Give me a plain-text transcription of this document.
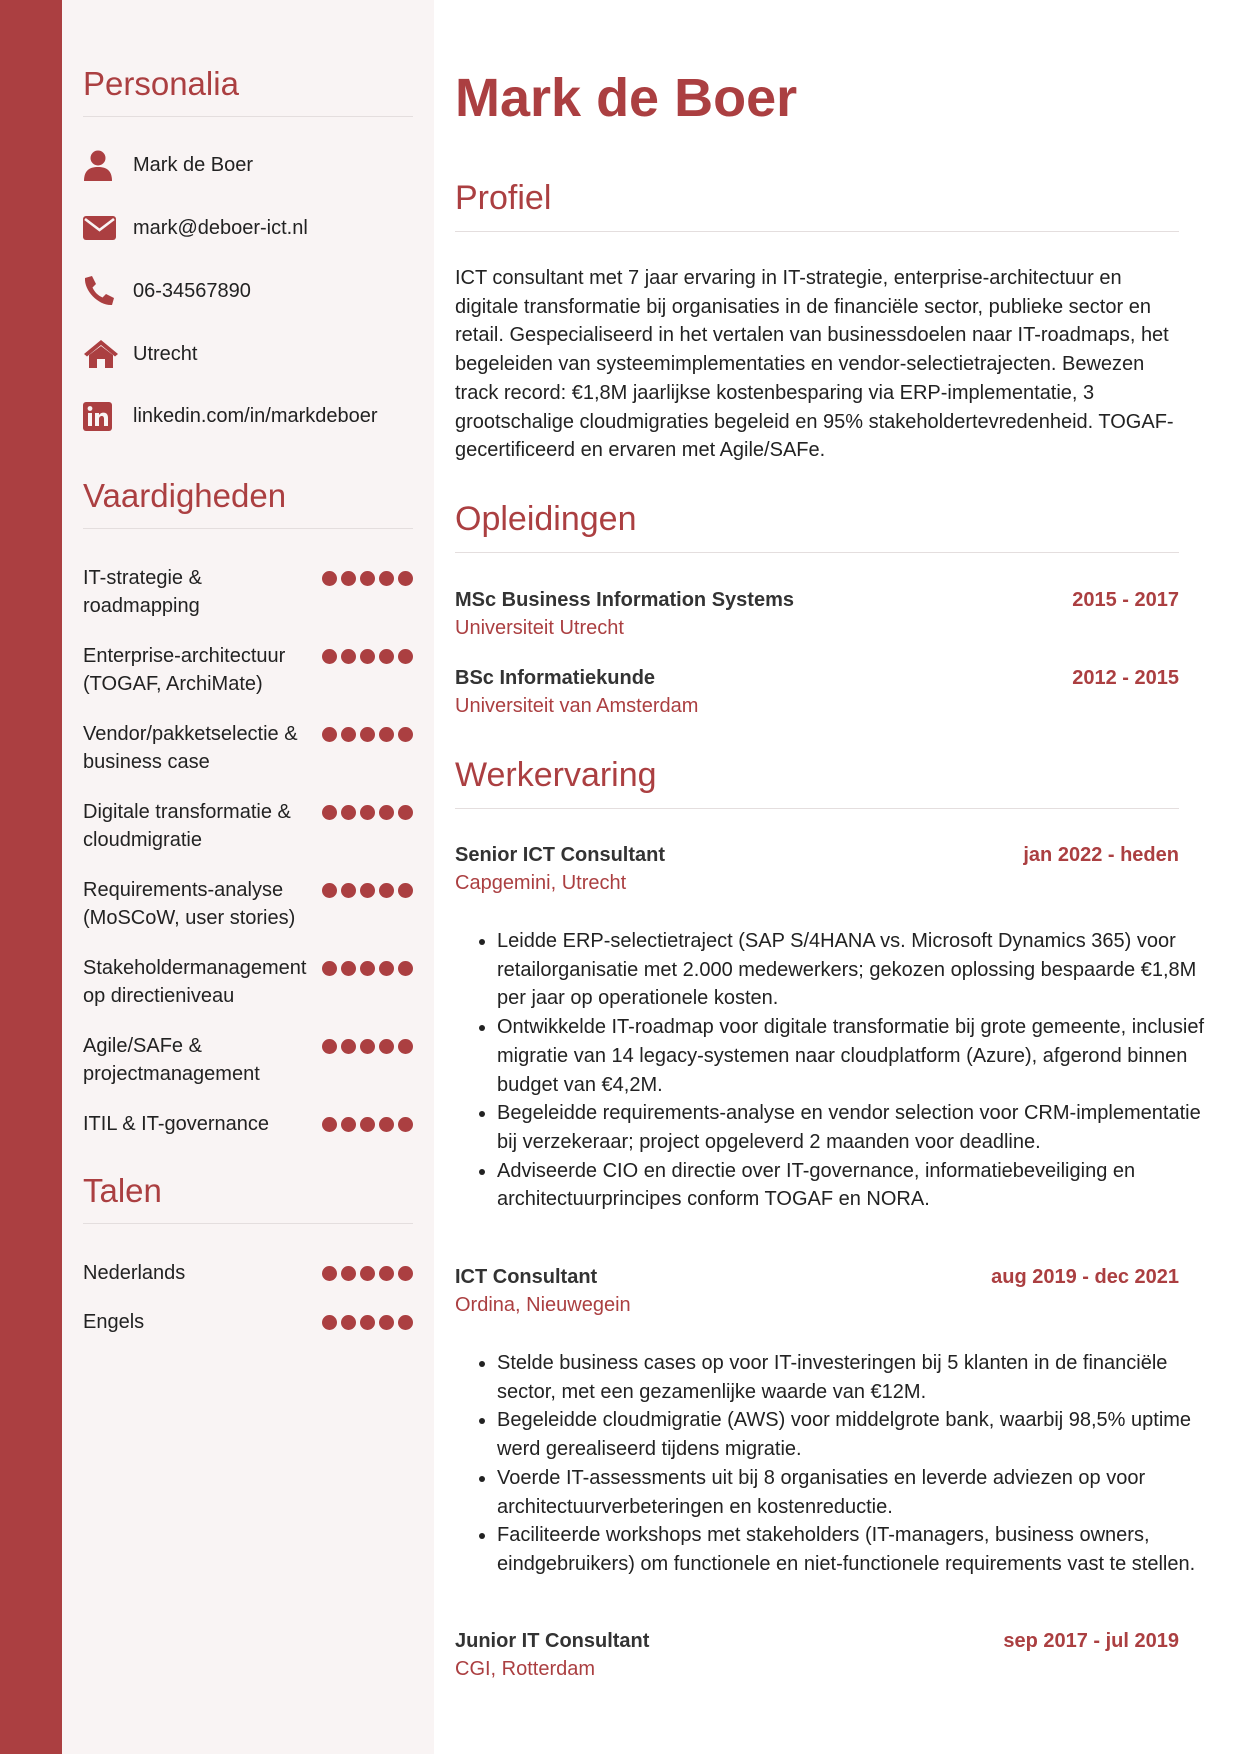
Personalia
Mark de Boer
mark@deboer-ict.nl
06-34567890
Utrecht
linkedin.com/in/markdeboer
Vaardigheden
IT-strategie & roadmapping
Enterprise-architectuur (TOGAF, ArchiMate)
Vendor/pakketselectie & business case
Digitale transformatie & cloudmigratie
Requirements-analyse (MoSCoW, user stories)
Stakeholdermanagement op directieniveau
Agile/SAFe & projectmanagement
ITIL & IT-governance
Talen
Nederlands
Engels
Mark de Boer
Profiel

ICT consultant met 7 jaar ervaring in IT-strategie, enterprise-architectuur en digitale transformatie bij organisaties in de financiële sector, publieke sector en retail. Gespecialiseerd in het vertalen van businessdoelen naar IT-roadmaps, het begeleiden van systeemimplementaties en vendor-selectietrajecten. Bewezen track record: €1,8M jaarlijkse kostenbesparing via ERP-implementatie, 3 grootschalige cloudmigraties begeleid en 95% stakeholdertevredenheid. TOGAF-gecertificeerd en ervaren met Agile/SAFe.

Opleidingen
MSc Business Information Systems	2015 - 2017
Universiteit Utrecht
BSc Informatiekunde	2012 - 2015
Universiteit van Amsterdam
Werkervaring
Senior ICT Consultant	jan 2022 - heden
Capgemini, Utrecht
• Leidde ERP-selectietraject (SAP S/4HANA vs. Microsoft Dynamics 365) voor retailorganisatie met 2.000 medewerkers; gekozen oplossing bespaarde €1,8M per jaar op operationele kosten.
• Ontwikkelde IT-roadmap voor digitale transformatie bij grote gemeente, inclusief migratie van 14 legacy-systemen naar cloudplatform (Azure), afgerond binnen budget van €4,2M.
• Begeleidde requirements-analyse en vendor selection voor CRM-implementatie bij verzekeraar; project opgeleverd 2 maanden voor deadline.
• Adviseerde CIO en directie over IT-governance, informatiebeveiliging en architectuurprincipes conform TOGAF en NORA.
ICT Consultant	aug 2019 - dec 2021
Ordina, Nieuwegein
• Stelde business cases op voor IT-investeringen bij 5 klanten in de financiële sector, met een gezamenlijke waarde van €12M.
• Begeleidde cloudmigratie (AWS) voor middelgrote bank, waarbij 98,5% uptime werd gerealiseerd tijdens migratie.
• Voerde IT-assessments uit bij 8 organisaties en leverde adviezen op voor architectuurverbeteringen en kostenreductie.
• Faciliteerde workshops met stakeholders (IT-managers, business owners, eindgebruikers) om functionele en niet-functionele requirements vast te stellen.
Junior IT Consultant	sep 2017 - jul 2019
CGI, Rotterdam
